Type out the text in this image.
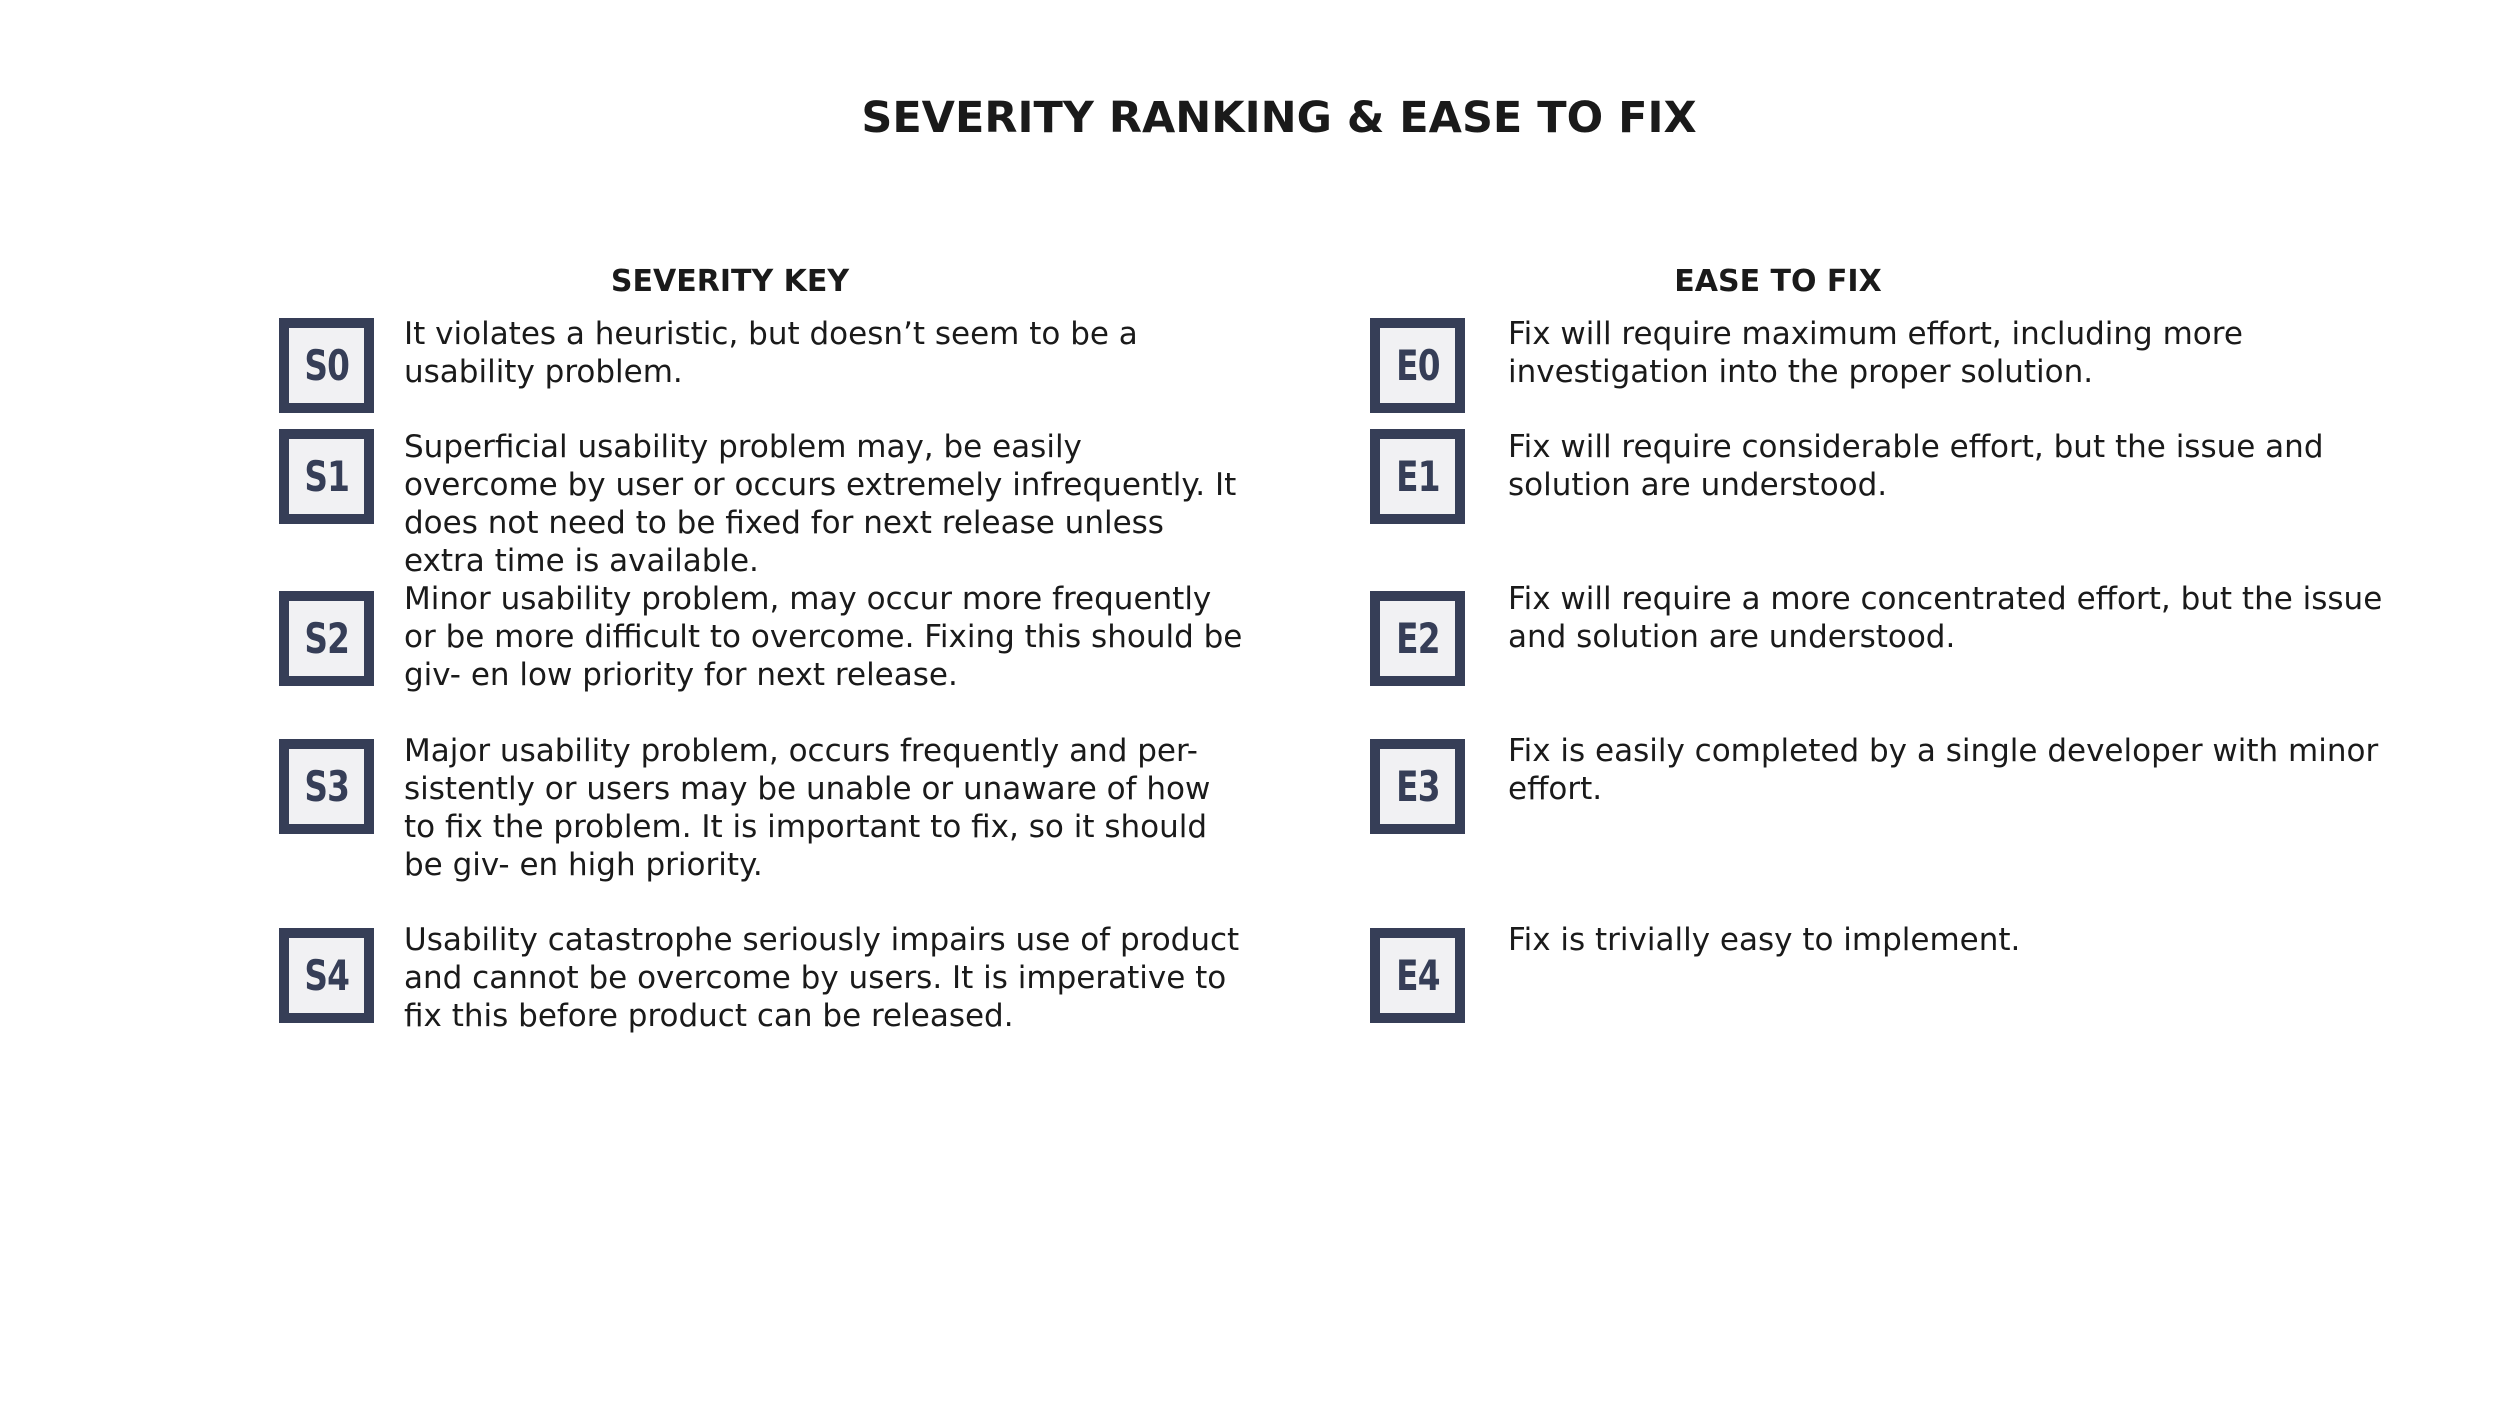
SEVERITY RANKING & EASE TO FIX
SEVERITY KEY	EASE TO FIX
S0

It violates a heuristic, but doesn’t seem to be a usability problem.

S1

Superficial usability problem may, be easily overcome by user or occurs extremely infrequently. It does not need to be fixed for next release unless extra time is available.

S2

Minor usability problem, may occur more frequently or be more difficult to overcome. Fixing this should be giv- en low priority for next release.

S3

Major usability problem, occurs frequently and per- sistently or users may be unable or unaware of how to fix the problem. It is important to fix, so it should be giv- en high priority.

S4

Usability catastrophe seriously impairs use of product and cannot be overcome by users. It is imperative to fix this before product can be released.

E0

Fix will require maximum effort, including more investigation into the proper solution.

E1

Fix will require considerable effort, but the issue and solution are understood.

E2

Fix will require a more concentrated effort, but the issue and solution are understood.

E3

Fix is easily completed by a single developer with minor effort.

E4

Fix is trivially easy to implement.
